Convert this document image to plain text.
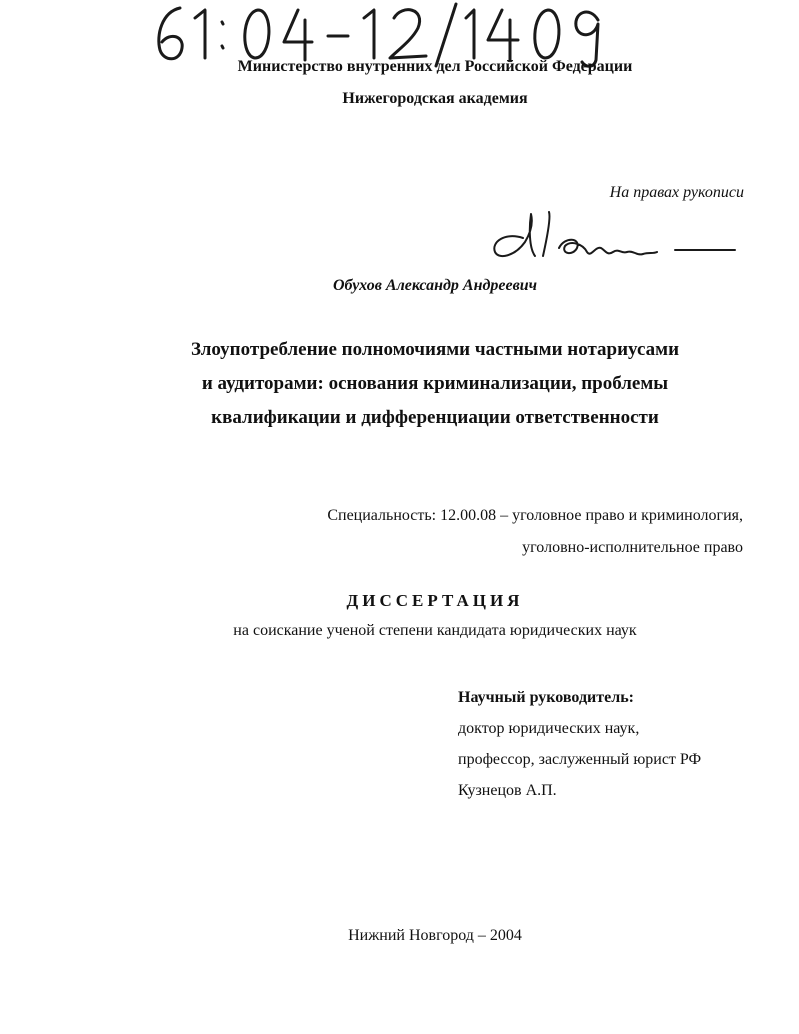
Министерство внутренних дел Российской Федерации

Нижегородская академия

На правах рукописи

Обухов Александр Андреевич

Злоупотребление полномочиями частными нотариусами
и аудиторами: основания криминализации, проблемы
квалификации и дифференциации ответственности
Специальность: 12.00.08 – уголовное право и криминология,
уголовно-исполнительное право

ДИССЕРТАЦИЯ

на соискание ученой степени кандидата юридических наук

Научный руководитель:
доктор юридических наук,
профессор, заслуженный юрист РФ
Кузнецов А.П.

Нижний Новгород – 2004
